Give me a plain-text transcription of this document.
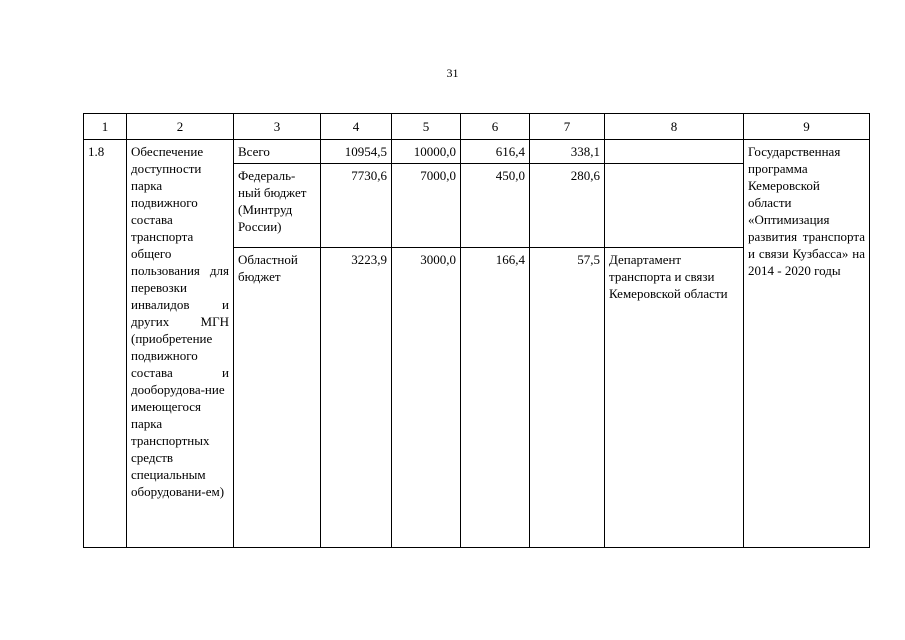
31
1	2	3	4	5	6	7	8	9
1.8	Обеспечение доступности парка подвижного состава транспорта общего пользования для перевозки инвалидов и других МГН (приобретение подвижного состава и дооборудова-ние имеющегося парка транспортных средств специальным оборудовани-ем)	Всего	10954,5	10000,0	616,4	338,1		Государственная программа Кемеровской области «Оптимизация развития транспорта и связи Кузбасса» на 2014 - 2020 годы
		Федераль-ный бюджет (Минтруд России)	7730,6	7000,0	450,0	280,6		
		Областной бюджет	3223,9	3000,0	166,4	57,5	Департамент транспорта и связи Кемеровской области	
